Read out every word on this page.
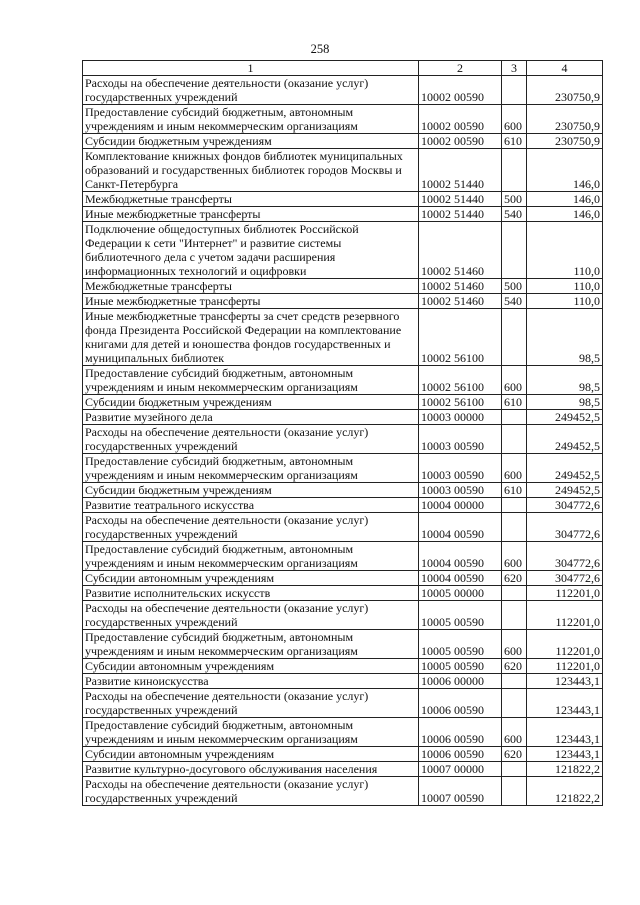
258
1	2	3	4
Расходы на обеспечение деятельности (оказание услуг) государственных учреждений	10002 00590		230750,9
Предоставление субсидий бюджетным, автономным учреждениям и иным некоммерческим организациям	10002 00590	600	230750,9
Субсидии бюджетным учреждениям	10002 00590	610	230750,9
Комплектование книжных фондов библиотек муниципальных образований и государственных библиотек городов Москвы и Санкт-Петербурга	10002 51440		146,0
Межбюджетные трансферты	10002 51440	500	146,0
Иные межбюджетные трансферты	10002 51440	540	146,0
Подключение общедоступных библиотек Российской Федерации к сети "Интернет" и развитие системы библиотечного дела с учетом задачи расширения информационных технологий и оцифровки	10002 51460		110,0
Межбюджетные трансферты	10002 51460	500	110,0
Иные межбюджетные трансферты	10002 51460	540	110,0
Иные межбюджетные трансферты за счет средств резервного фонда Президента Российской Федерации на комплектование книгами для детей и юношества фондов государственных и муниципальных библиотек	10002 56100		98,5
Предоставление субсидий бюджетным, автономным учреждениям и иным некоммерческим организациям	10002 56100	600	98,5
Субсидии бюджетным учреждениям	10002 56100	610	98,5
Развитие музейного дела	10003 00000		249452,5
Расходы на обеспечение деятельности (оказание услуг) государственных учреждений	10003 00590		249452,5
Предоставление субсидий бюджетным, автономным учреждениям и иным некоммерческим организациям	10003 00590	600	249452,5
Субсидии бюджетным учреждениям	10003 00590	610	249452,5
Развитие театрального искусства	10004 00000		304772,6
Расходы на обеспечение деятельности (оказание услуг) государственных учреждений	10004 00590		304772,6
Предоставление субсидий бюджетным, автономным учреждениям и иным некоммерческим организациям	10004 00590	600	304772,6
Субсидии автономным учреждениям	10004 00590	620	304772,6
Развитие исполнительских искусств	10005 00000		112201,0
Расходы на обеспечение деятельности (оказание услуг) государственных учреждений	10005 00590		112201,0
Предоставление субсидий бюджетным, автономным учреждениям и иным некоммерческим организациям	10005 00590	600	112201,0
Субсидии автономным учреждениям	10005 00590	620	112201,0
Развитие киноискусства	10006 00000		123443,1
Расходы на обеспечение деятельности (оказание услуг) государственных учреждений	10006 00590		123443,1
Предоставление субсидий бюджетным, автономным учреждениям и иным некоммерческим организациям	10006 00590	600	123443,1
Субсидии автономным учреждениям	10006 00590	620	123443,1
Развитие культурно-досугового обслуживания населения	10007 00000		121822,2
Расходы на обеспечение деятельности (оказание услуг) государственных учреждений	10007 00590		121822,2
